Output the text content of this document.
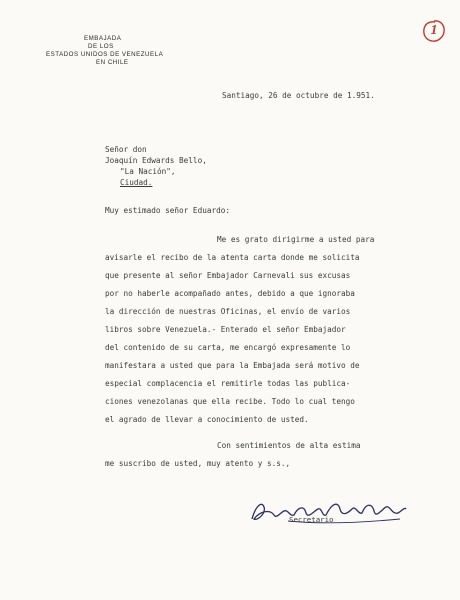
EMBAJADA
DE LOS
ESTADOS UNIDOS DE VENEZUELA
EN CHILE
1
Santiago, 26 de octubre de 1.951.
Señor don
Joaquín Edwards Bello,
"La Nación",
Ciudad.
Muy estimado señor Eduardo:
Me es grato dirigirme a usted para
avisarle el recibo de la atenta carta donde me solicita
que presente al señor Embajador Carnevali sus excusas
por no haberle acompañado antes, debido a que ignoraba
la dirección de nuestras Oficinas, el envío de varios
libros sobre Venezuela.- Enterado el señor Embajador
del contenido de su carta, me encargó expresamente lo
manifestara a usted que para la Embajada será motivo de
especial complacencia el remitirle todas las publica-
ciones venezolanas que ella recibe. Todo lo cual tengo
el agrado de llevar a conocimiento de usted.
Con sentimientos de alta estima
me suscribo de usted, muy atento y s.s.,
Secretario
